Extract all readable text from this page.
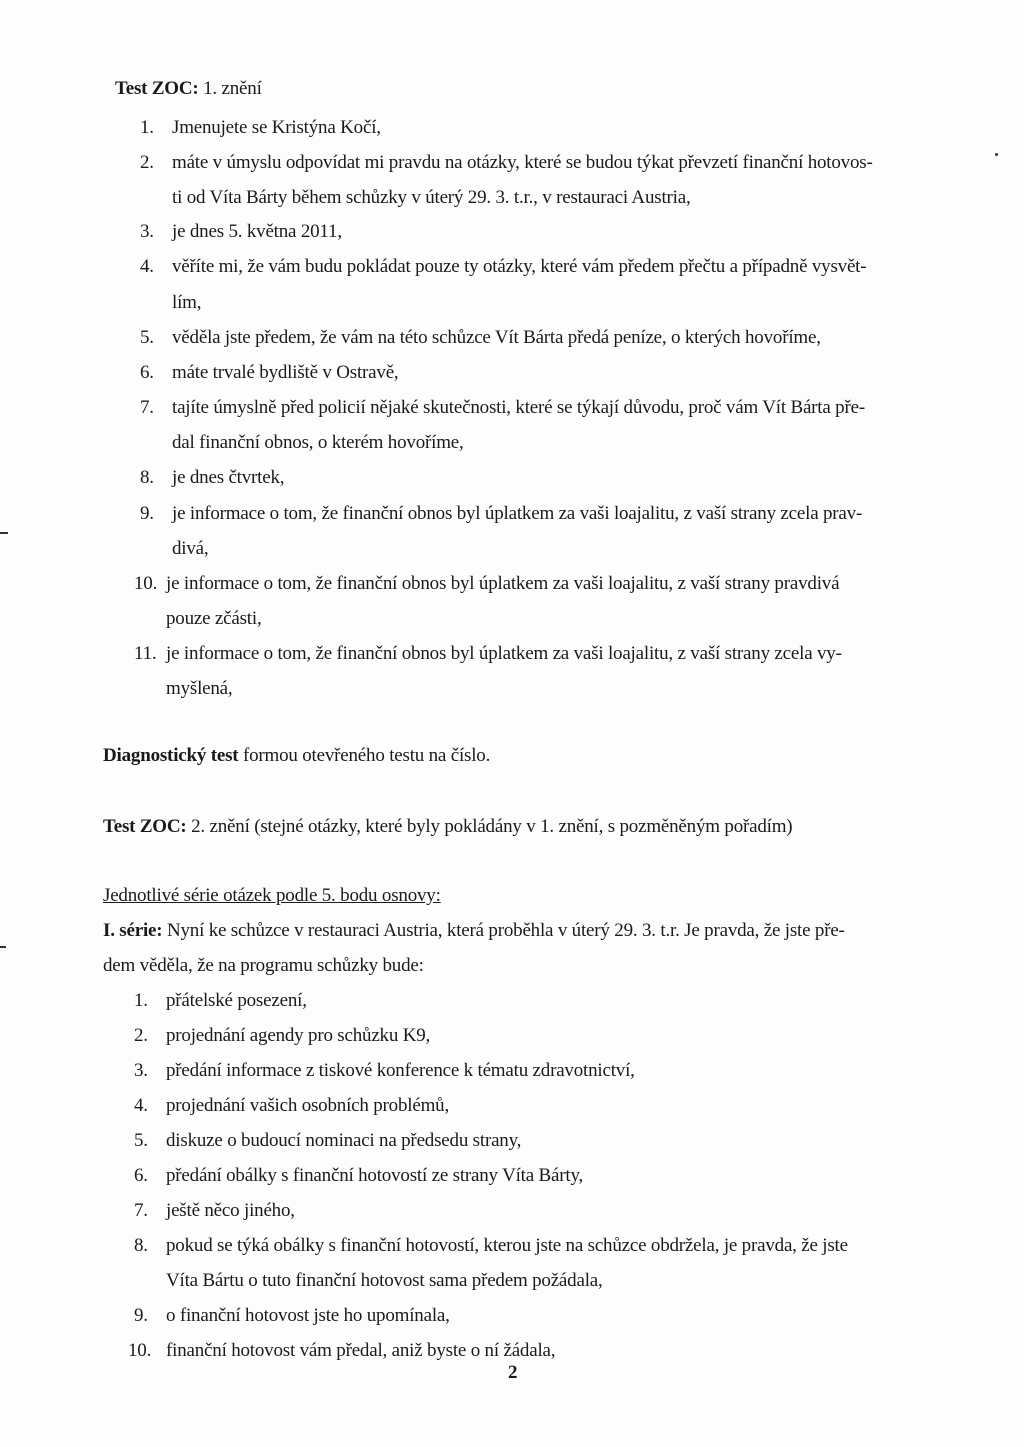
Test ZOC: 1. znění
1. Jmenujete se Kristýna Kočí,
2. máte v úmyslu odpovídat mi pravdu na otázky, které se budou týkat převzetí finanční hotovos-
ti od Víta Bárty během schůzky v úterý 29. 3. t.r., v restauraci Austria,
3. je dnes 5. května 2011,
4. věříte mi, že vám budu pokládat pouze ty otázky, které vám předem přečtu a případně vysvět-
lím,
5. věděla jste předem, že vám na této schůzce Vít Bárta předá peníze, o kterých hovoříme,
6. máte trvalé bydliště v Ostravě,
7. tajíte úmyslně před policií nějaké skutečnosti, které se týkají důvodu, proč vám Vít Bárta pře-
dal finanční obnos, o kterém hovoříme,
8. je dnes čtvrtek,
9. je informace o tom, že finanční obnos byl úplatkem za vaši loajalitu, z vaší strany zcela prav-
divá,
10. je informace o tom, že finanční obnos byl úplatkem za vaši loajalitu, z vaší strany pravdivá
pouze zčásti,
11. je informace o tom, že finanční obnos byl úplatkem za vaši loajalitu, z vaší strany zcela vy-
myšlená,
Diagnostický test formou otevřeného testu na číslo.
Test ZOC: 2. znění (stejné otázky, které byly pokládány v 1. znění, s pozměněným pořadím)
Jednotlivé série otázek podle 5. bodu osnovy:
I. série: Nyní ke schůzce v restauraci Austria, která proběhla v úterý 29. 3. t.r. Je pravda, že jste pře-
dem věděla, že na programu schůzky bude:
1. přátelské posezení,
2. projednání agendy pro schůzku K9,
3. předání informace z tiskové konference k tématu zdravotnictví,
4. projednání vašich osobních problémů,
5. diskuze o budoucí nominaci na předsedu strany,
6. předání obálky s finanční hotovostí ze strany Víta Bárty,
7. ještě něco jiného,
8. pokud se týká obálky s finanční hotovostí, kterou jste na schůzce obdržela, je pravda, že jste
Víta Bártu o tuto finanční hotovost sama předem požádala,
9. o finanční hotovost jste ho upomínala,
10. finanční hotovost vám předal, aniž byste o ní žádala,
2
